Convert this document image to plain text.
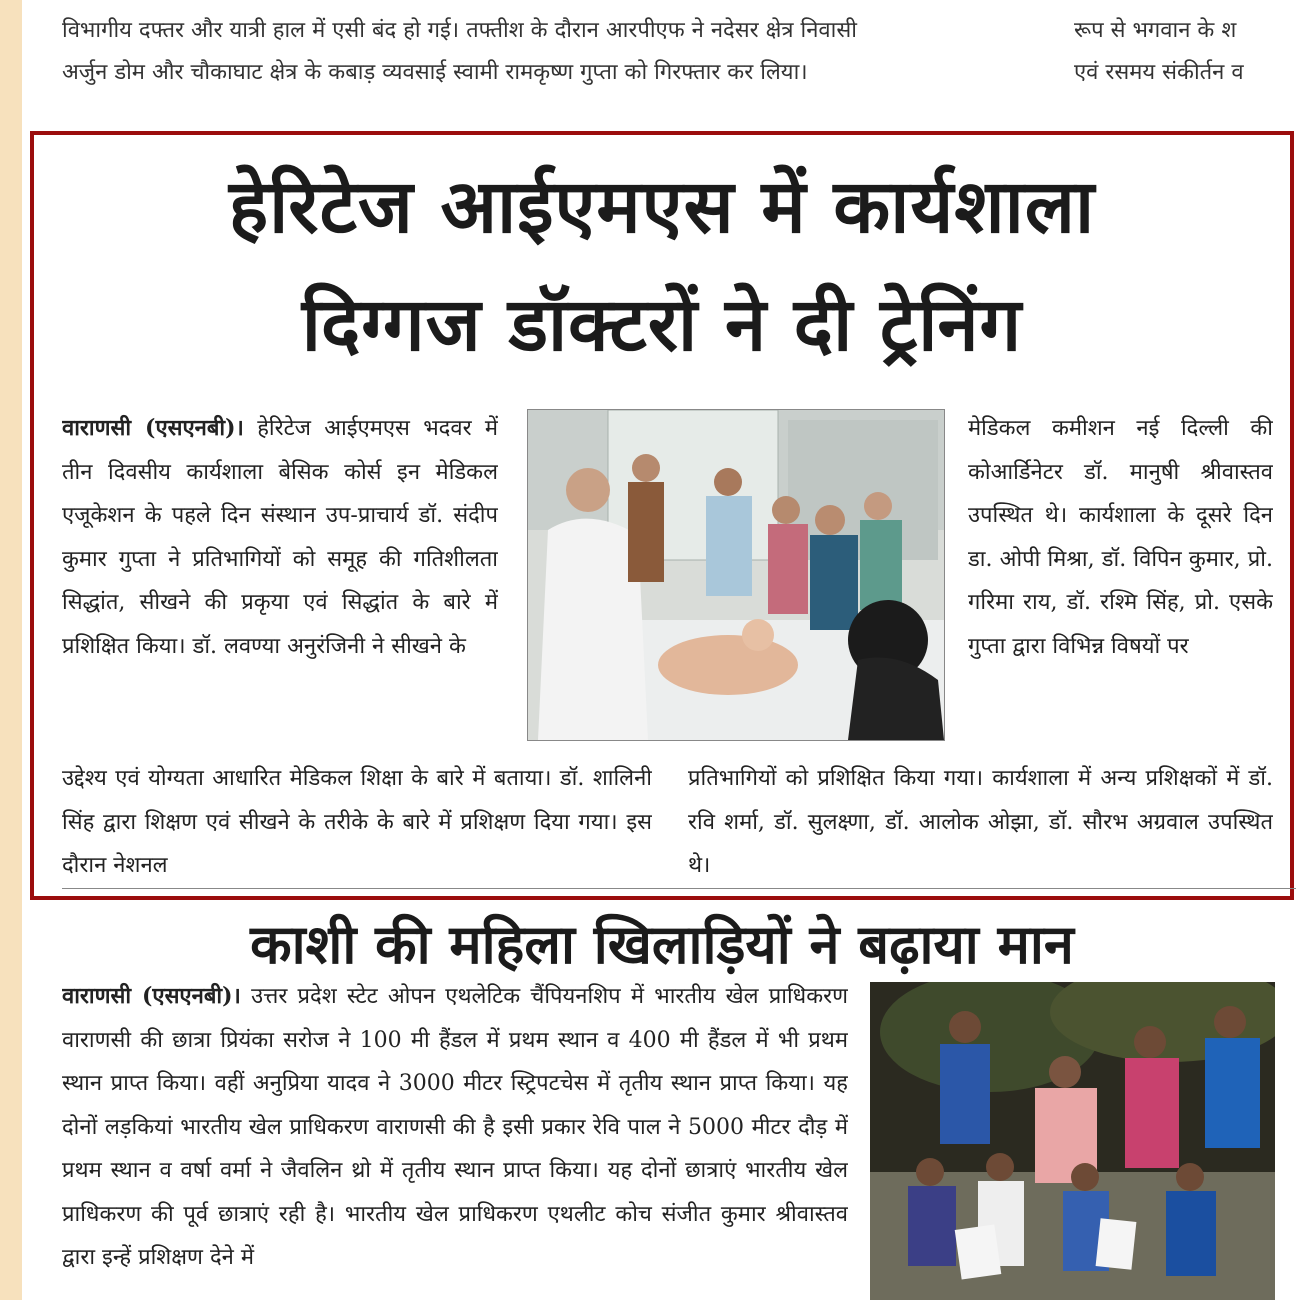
विभागीय दफ्तर और यात्री हाल में एसी बंद हो गई। तफ्तीश के दौरान आरपीएफ ने नदेसर क्षेत्र निवासी
अर्जुन डोम और चौकाघाट क्षेत्र के कबाड़ व्यवसाई स्वामी रामकृष्ण गुप्ता को गिरफ्तार कर लिया।
रूप से भगवान के श
एवं रसमय संकीर्तन व
हेरिटेज आईएमएस में कार्यशाला
दिग्गज डॉक्टरों ने दी ट्रेनिंग
वाराणसी (एसएनबी)। हेरिटेज आईएमएस भदवर में तीन दिवसीय कार्यशाला बेसिक कोर्स इन मेडिकल एजूकेशन के पहले दिन संस्थान उप-प्राचार्य डॉ. संदीप कुमार गुप्ता ने प्रतिभागियों को समूह की गतिशीलता सिद्धांत, सीखने की प्रकृया एवं सिद्धांत के बारे में प्रशिक्षित किया। डॉ. लवण्या अनुरंजिनी ने सीखने के
मेडिकल कमीशन नई दिल्ली की कोआर्डिनेटर डॉ. मानुषी श्रीवास्तव उपस्थित थे। कार्यशाला के दूसरे दिन डा. ओपी मिश्रा, डॉ. विपिन कुमार, प्रो. गरिमा राय, डॉ. रश्मि सिंह, प्रो. एसके गुप्ता द्वारा विभिन्न विषयों पर
उद्देश्य एवं योग्यता आधारित मेडिकल शिक्षा के बारे में बताया। डॉ. शालिनी सिंह द्वारा शिक्षण एवं सीखने के तरीके के बारे में प्रशिक्षण दिया गया। इस दौरान नेशनल
प्रतिभागियों को प्रशिक्षित किया गया। कार्यशाला में अन्य प्रशिक्षकों में डॉ. रवि शर्मा, डॉ. सुलक्ष्णा, डॉ. आलोक ओझा, डॉ. सौरभ अग्रवाल उपस्थित थे।
काशी की महिला खिलाड़ियों ने बढ़ाया मान
वाराणसी (एसएनबी)। उत्तर प्रदेश स्टेट ओपन एथलेटिक चैंपियनशिप में भारतीय खेल प्राधिकरण वाराणसी की छात्रा प्रियंका सरोज ने 100 मी हैंडल में प्रथम स्थान व 400 मी हैंडल में भी प्रथम स्थान प्राप्त किया। वहीं अनुप्रिया यादव ने 3000 मीटर स्ट्रिपटचेस में तृतीय स्थान प्राप्त किया। यह दोनों लड़कियां भारतीय खेल प्राधिकरण वाराणसी की है इसी प्रकार रेवि पाल ने 5000 मीटर दौड़ में प्रथम स्थान व वर्षा वर्मा ने जैवलिन थ्रो में तृतीय स्थान प्राप्त किया। यह दोनों छात्राएं भारतीय खेल प्राधिकरण की पूर्व छात्राएं रही है। भारतीय खेल प्राधिकरण एथलीट कोच संजीत कुमार श्रीवास्तव द्वारा इन्हें प्रशिक्षण देने में
